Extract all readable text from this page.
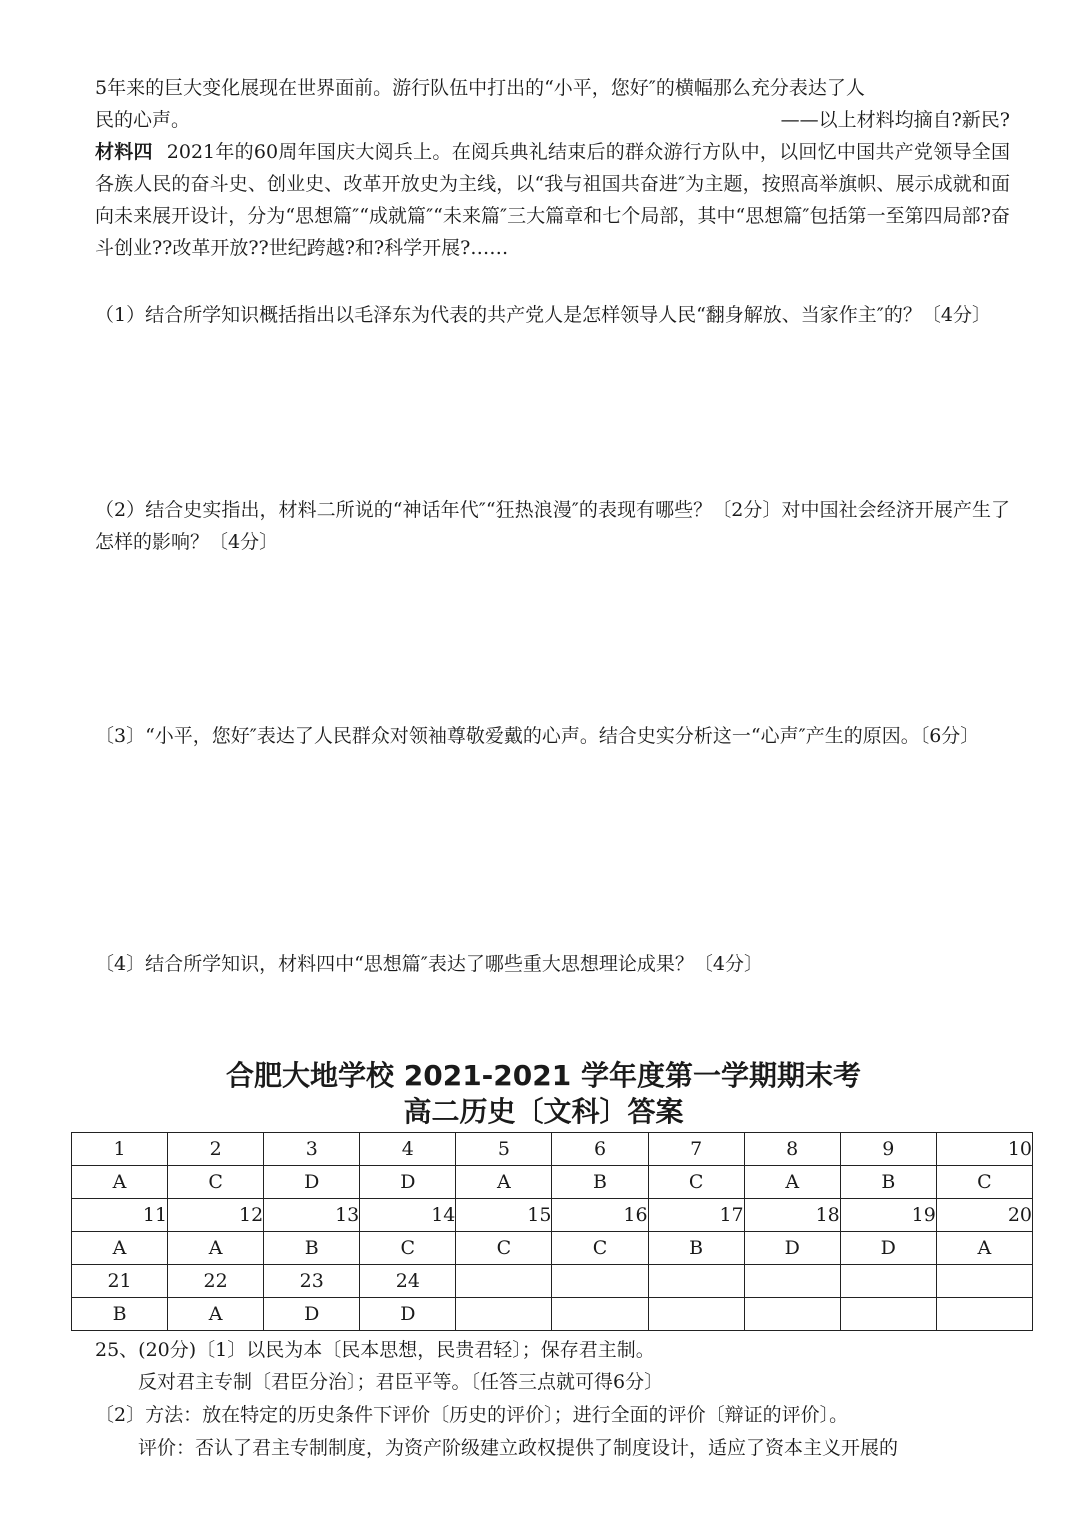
5年来的巨大变化展现在世界面前。游行队伍中打出的“小平，您好″的横幅那么充分表达了人

民的心声。	——以上材料均摘自?新民?

材料四 2021年的60周年国庆大阅兵上。在阅兵典礼结束后的群众游行方队中，以回忆中国共产党领导全国各族人民的奋斗史、创业史、改革开放史为主线，以“我与祖国共奋进″为主题，按照高举旗帜、展示成就和面向未来展开设计，分为“思想篇″“成就篇″“未来篇″三大篇章和七个局部，其中“思想篇″包括第一至第四局部?奋斗创业??改革开放??世纪跨越?和?科学开展?……

（1）结合所学知识概括指出以毛泽东为代表的共产党人是怎样领导人民“翻身解放、当家作主″的？〔4分〕

（2）结合史实指出，材料二所说的“神话年代″“狂热浪漫″的表现有哪些？〔2分〕对中国社会经济开展产生了怎样的影响？〔4分〕

〔3〕“小平，您好″表达了人民群众对领袖尊敬爱戴的心声。结合史实分析这一“心声″产生的原因。〔6分〕

〔4〕结合所学知识，材料四中“思想篇″表达了哪些重大思想理论成果？〔4分〕

合肥大地学校 2021-2021 学年度第一学期期末考
高二历史〔文科〕答案
1	2	3	4	5	6	7	8	9	10
A	C	D	D	A	B	C	A	B	C
11	12	13	14	15	16	17	18	19	20
A	A	B	C	C	C	B	D	D	A
21	22	23	24						
B	A	D	D						

25、(20分)〔1〕以民为本〔民本思想，民贵君轻〕；保存君主制。

反对君主专制〔君臣分治〕；君臣平等。〔任答三点就可得6分〕

〔2〕方法：放在特定的历史条件下评价〔历史的评价〕；进行全面的评价〔辩证的评价〕。

评价：否认了君主专制制度，为资产阶级建立政权提供了制度设计，适应了资本主义开展的
